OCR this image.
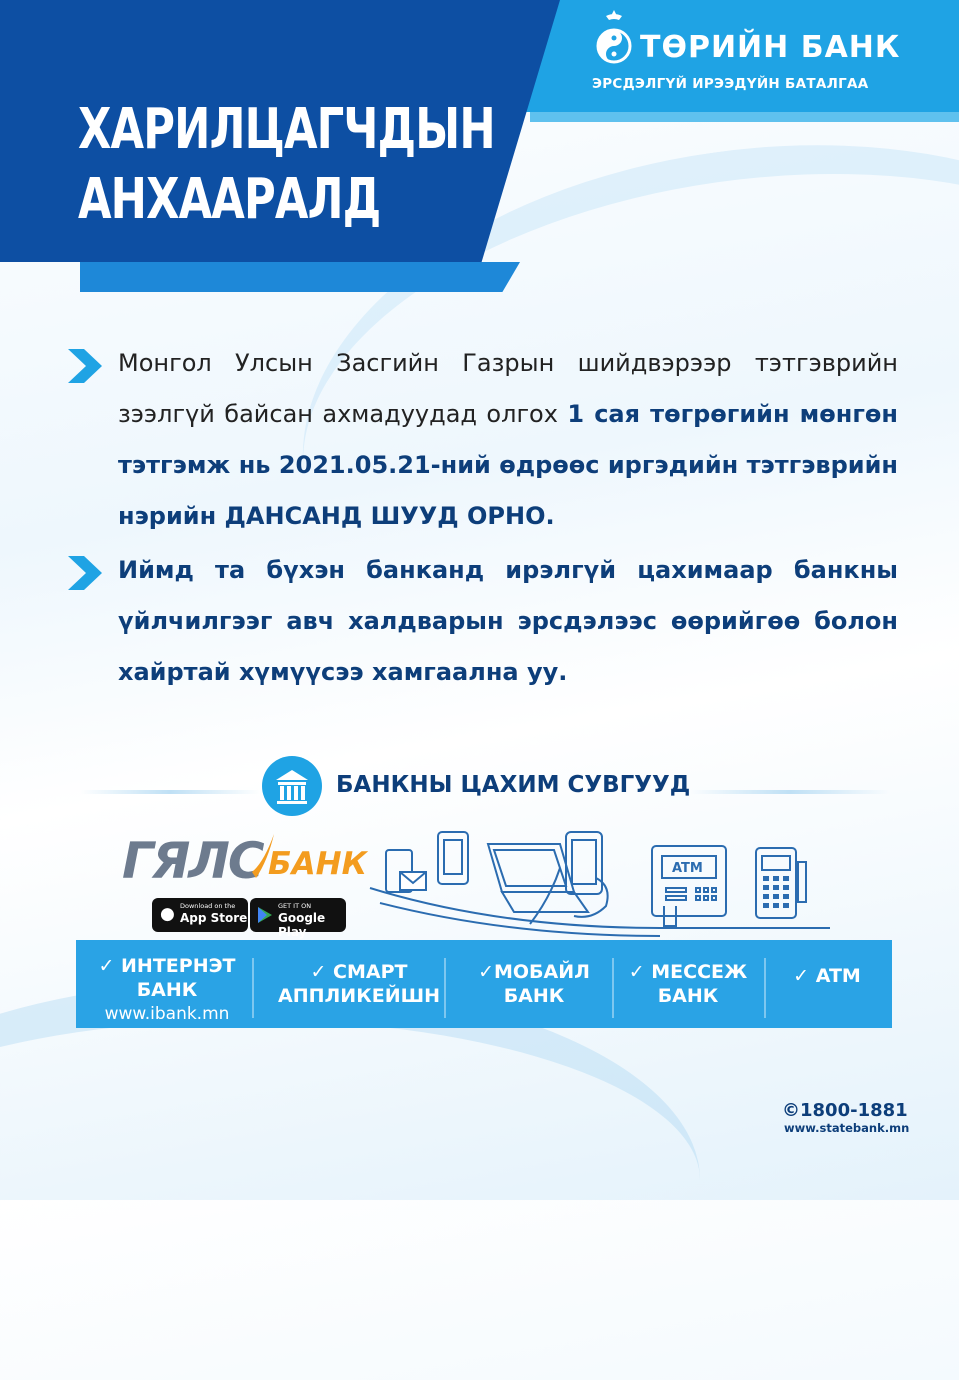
ХАРИЛЦАГЧДЫН
АНХААРАЛД
ТӨРИЙН БАНК
ЭРСДЭЛГҮЙ ИРЭЭДҮЙН БАТАЛГАА
Монгол Улсын Засгийн Газрын шийдвэрээр тэтгэврийн зээлгүй байсан ахмадуудад олгох 1 сая төгрөгийн мөнгөн тэтгэмж нь 2021.05.21-ний өдрөөс иргэдийн тэтгэврийн нэрийн ДАНСАНД ШУУД ОРНО.
Иймд та бүхэн банканд ирэлгүй цахимаар банкны үйлчилгээг авч халдварын эрсдэлээс өөрийгөө болон хайртай хүмүүсээ хамгаална уу.
БАНКНЫ ЦАХИМ СУВГУУД
ГЯЛС БАНК
● Download on the
App Store
GET IT ON
Google Play
ATM
✓ ИНТЕРНЭТ
БАНК
www.ibank.mn
✓ СМАРТ
АППЛИКЕЙШН
✓МОБАЙЛ
БАНК
✓ МЕССЕЖ
БАНК
✓ ATM
©1800-1881
www.statebank.mn
